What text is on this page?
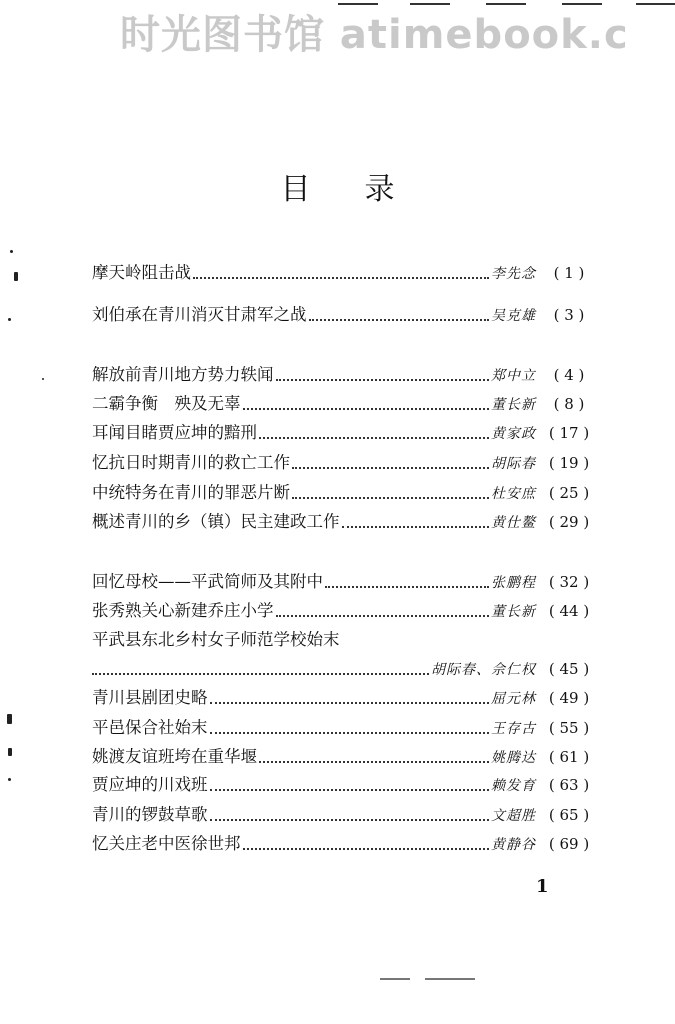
时光图书馆 atimebook.c
目录
摩天岭阻击战	李先念	( 1 )
刘伯承在青川消灭甘肃军之战	吴克雄	( 3 )
解放前青川地方势力轶闻	郑中立	( 4 )
二霸争衡　殃及无辜	董长新	( 8 )
耳闻目睹贾应坤的黯刑	黄家政	( 17 )
忆抗日时期青川的救亡工作	胡际春	( 19 )
中统特务在青川的罪恶片断	杜安庶	( 25 )
概述青川的乡（镇）民主建政工作	黄仕鳌	( 29 )
回忆母校——平武简师及其附中	张鹏程	( 32 )
张秀熟关心新建乔庄小学	董长新	( 44 )
平武县东北乡村女子师范学校始末
胡际春、佘仁权	( 45 )
青川县剧团史略	屈元林	( 49 )
平邑保合社始末	王存古	( 55 )
姚渡友谊班垮在重华堰	姚腾达	( 61 )
贾应坤的川戏班	赖发育	( 63 )
青川的锣鼓草歌	文超胜	( 65 )
忆关庄老中医徐世邦	黄静谷	( 69 )
1
